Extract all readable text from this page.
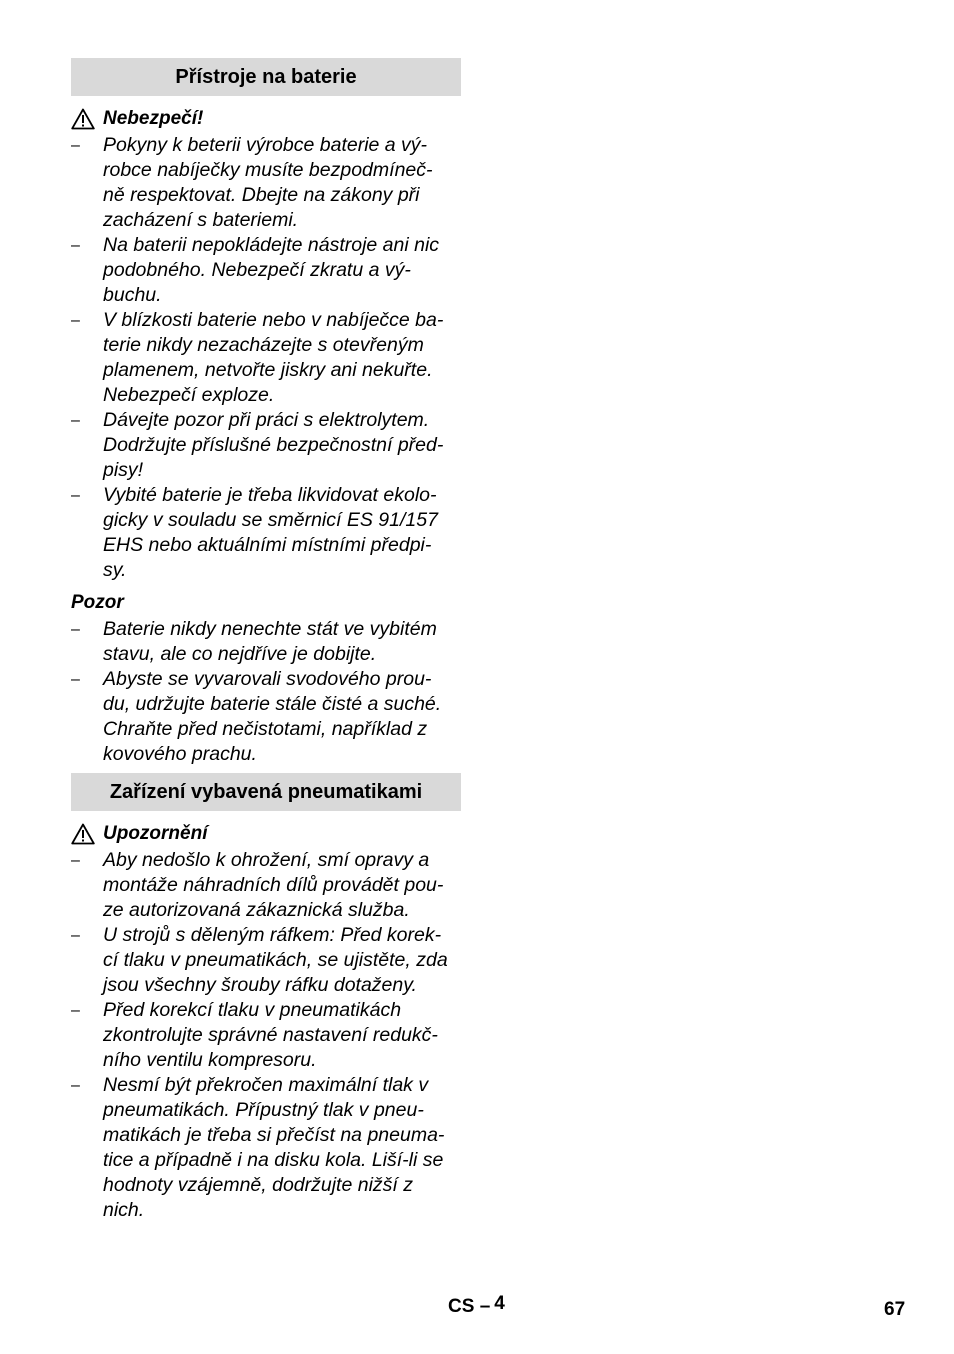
Přístroje na baterie
Nebezpečí!
– Pokyny k beterii výrobce baterie a vý-
robce nabíječky musíte bezpodmíneč-
ně respektovat. Dbejte na zákony při
zacházení s bateriemi.
– Na baterii nepokládejte nástroje ani nic
podobného. Nebezpečí zkratu a vý-
buchu.
– V blízkosti baterie nebo v nabíječce ba-
terie nikdy nezacházejte s otevřeným
plamenem, netvořte jiskry ani nekuřte.
Nebezpečí exploze.
– Dávejte pozor při práci s elektrolytem.
Dodržujte příslušné bezpečnostní před-
pisy!
– Vybité baterie je třeba likvidovat ekolo-
gicky v souladu se směrnicí ES 91/157
EHS nebo aktuálními místními předpi-
sy.
Pozor
– Baterie nikdy nenechte stát ve vybitém
stavu, ale co nejdříve je dobijte.
– Abyste se vyvarovali svodového prou-
du, udržujte baterie stále čisté a suché.
Chraňte před nečistotami, například z
kovového prachu.
Zařízení vybavená pneumatikami
Upozornění
– Aby nedošlo k ohrožení, smí opravy a
montáže náhradních dílů provádět pou-
ze autorizovaná zákaznická služba.
– U strojů s děleným ráfkem: Před korek-
cí tlaku v pneumatikách, se ujistěte, zda
jsou všechny šrouby ráfku dotaženy.
– Před korekcí tlaku v pneumatikách
zkontrolujte správné nastavení redukč-
ního ventilu kompresoru.
– Nesmí být překročen maximální tlak v
pneumatikách. Přípustný tlak v pneu-
matikách je třeba si přečíst na pneuma-
tice a případně i na disku kola. Liší-li se
hodnoty vzájemně, dodržujte nižší z
nich.
CS – 4	67
